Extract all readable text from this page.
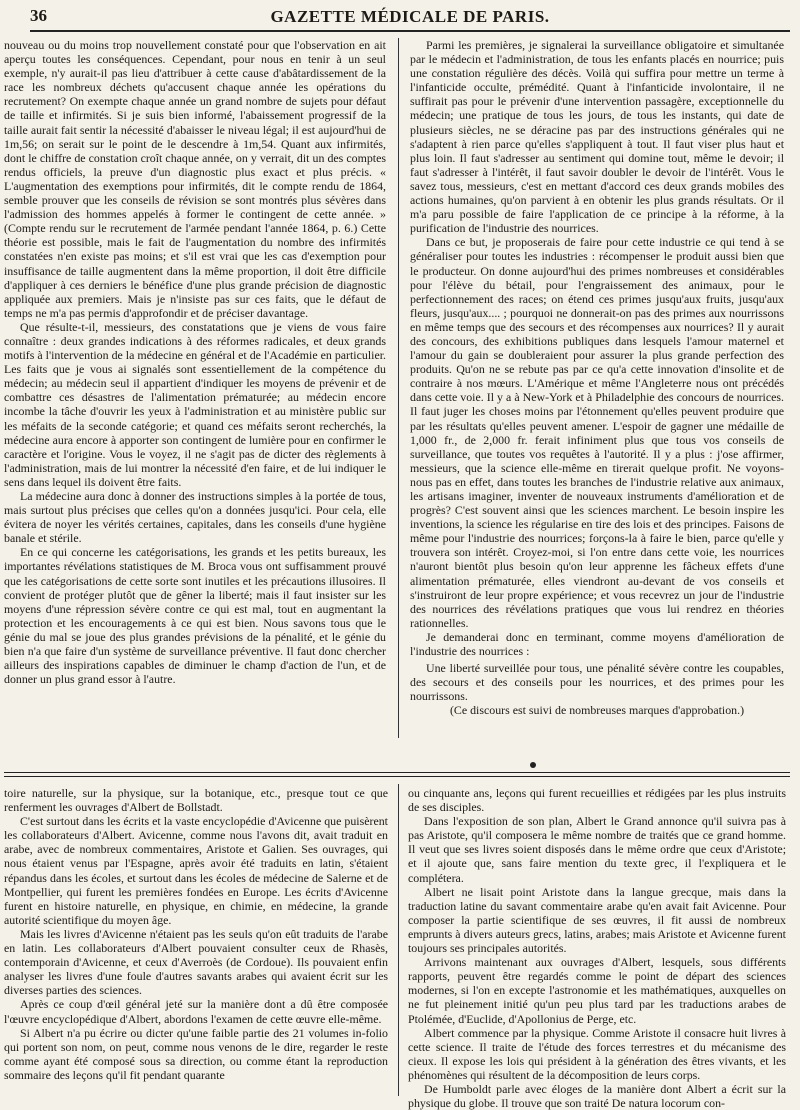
36	GAZETTE MÉDICALE DE PARIS.

nouveau ou du moins trop nouvellement constaté pour que l'observation en ait aperçu toutes les conséquences. Cependant, pour nous en tenir à un seul exemple, n'y aurait-il pas lieu d'attribuer à cette cause d'abâtardissement de la race les nombreux déchets qu'accusent chaque année les opérations du recrutement? On exempte chaque année un grand nombre de sujets pour défaut de taille et infirmités. Si je suis bien informé, l'abaissement progressif de la taille aurait fait sentir la nécessité d'abaisser le niveau légal; il est aujourd'hui de 1m,56; on serait sur le point de le descendre à 1m,54. Quant aux infirmités, dont le chiffre de constation croît chaque année, on y verrait, dit un des comptes rendus officiels, la preuve d'un diagnostic plus exact et plus précis. « L'augmentation des exemptions pour infirmités, dit le compte rendu de 1864, semble prouver que les conseils de révision se sont montrés plus sévères dans l'admission des hommes appelés à former le contingent de cette année. » (Compte rendu sur le recrutement de l'armée pendant l'année 1864, p. 6.) Cette théorie est possible, mais le fait de l'augmentation du nombre des infirmités constatées n'en existe pas moins; et s'il est vrai que les cas d'exemption pour insuffisance de taille augmentent dans la même proportion, il doit être difficile d'appliquer à ces derniers le bénéfice d'une plus grande précision de diagnostic appliquée aux premiers. Mais je n'insiste pas sur ces faits, que le défaut de temps ne m'a pas permis d'approfondir et de préciser davantage.

Que résulte-t-il, messieurs, des constatations que je viens de vous faire connaître : deux grandes indications à des réformes radicales, et deux grands motifs à l'intervention de la médecine en général et de l'Académie en particulier. Les faits que je vous ai signalés sont essentiellement de la compétence du médecin; au médecin seul il appartient d'indiquer les moyens de prévenir et de combattre ces désastres de l'alimentation prématurée; au médecin encore incombe la tâche d'ouvrir les yeux à l'administration et au ministère public sur les méfaits de la seconde catégorie; et quand ces méfaits seront recherchés, la médecine aura encore à apporter son contingent de lumière pour en confirmer le caractère et l'origine. Vous le voyez, il ne s'agit pas de dicter des règlements à l'administration, mais de lui montrer la nécessité d'en faire, et de lui indiquer le sens dans lequel ils doivent être faits.

La médecine aura donc à donner des instructions simples à la portée de tous, mais surtout plus précises que celles qu'on a données jusqu'ici. Pour cela, elle évitera de noyer les vérités certaines, capitales, dans les conseils d'une hygiène banale et stérile.

En ce qui concerne les catégorisations, les grands et les petits bureaux, les importantes révélations statistiques de M. Broca vous ont suffisamment prouvé que les catégorisations de cette sorte sont inutiles et les précautions illusoires. Il convient de protéger plutôt que de gêner la liberté; mais il faut insister sur les moyens d'une répression sévère contre ce qui est mal, tout en augmentant la protection et les encouragements à ce qui est bien. Nous savons tous que le génie du mal se joue des plus grandes prévisions de la pénalité, et le génie du bien n'a que faire d'un système de surveillance préventive. Il faut donc chercher ailleurs des inspirations capables de diminuer le champ d'action de l'un, et de donner un plus grand essor à l'autre.

Parmi les premières, je signalerai la surveillance obligatoire et simultanée par le médecin et l'administration, de tous les enfants placés en nourrice; puis une constation régulière des décès. Voilà qui suffira pour mettre un terme à l'infanticide occulte, prémédité. Quant à l'infanticide involontaire, il ne suffirait pas pour le prévenir d'une intervention passagère, exceptionnelle du médecin; une pratique de tous les jours, de tous les instants, qui date de plusieurs siècles, ne se déracine pas par des instructions générales qui ne s'adaptent à rien parce qu'elles s'appliquent à tout. Il faut viser plus haut et plus loin. Il faut s'adresser au sentiment qui domine tout, même le devoir; il faut s'adresser à l'intérêt, il faut savoir doubler le devoir de l'intérêt. Vous le savez tous, messieurs, c'est en mettant d'accord ces deux grands mobiles des actions humaines, qu'on parvient à en obtenir les plus grands résultats. Or il m'a paru possible de faire l'application de ce principe à la réforme, à la purification de l'industrie des nourrices.

Dans ce but, je proposerais de faire pour cette industrie ce qui tend à se généraliser pour toutes les industries : récompenser le produit aussi bien que le producteur. On donne aujourd'hui des primes nombreuses et considérables pour l'élève du bétail, pour l'engraissement des animaux, pour le perfectionnement des races; on étend ces primes jusqu'aux fruits, jusqu'aux fleurs, jusqu'aux.... ; pourquoi ne donnerait-on pas des primes aux nourrissons en même temps que des secours et des récompenses aux nourrices? Il y aurait des concours, des exhibitions publiques dans lesquels l'amour maternel et l'amour du gain se doubleraient pour assurer la plus grande perfection des produits. Qu'on ne se rebute pas par ce qu'a cette innovation d'insolite et de contraire à nos mœurs. L'Amérique et même l'Angleterre nous ont précédés dans cette voie. Il y a à New-York et à Philadelphie des concours de nourrices. Il faut juger les choses moins par l'étonnement qu'elles peuvent produire que par les résultats qu'elles peuvent amener. L'espoir de gagner une médaille de 1,000 fr., de 2,000 fr. ferait infiniment plus que tous vos conseils de surveillance, que toutes vos requêtes à l'autorité. Il y a plus : j'ose affirmer, messieurs, que la science elle-même en tirerait quelque profit. Ne voyons-nous pas en effet, dans toutes les branches de l'industrie relative aux animaux, les artisans imaginer, inventer de nouveaux instruments d'amélioration et de progrès? C'est souvent ainsi que les sciences marchent. Le besoin inspire les inventions, la science les régularise en tire des lois et des principes. Faisons de même pour l'industrie des nourrices; forçons-la à faire le bien, parce qu'elle y trouvera son intérêt. Croyez-moi, si l'on entre dans cette voie, les nourrices n'auront bientôt plus besoin qu'on leur apprenne les fâcheux effets d'une alimentation prématurée, elles viendront au-devant de vos conseils et s'instruiront de leur propre expérience; et vous recevrez un jour de l'industrie des nourrices des révélations pratiques que vous lui rendrez en théories rationnelles.

Je demanderai donc en terminant, comme moyens d'amélioration de l'industrie des nourrices :

Une liberté surveillée pour tous, une pénalité sévère contre les coupables, des secours et des conseils pour les nourrices, et des primes pour les nourrissons.

(Ce discours est suivi de nombreuses marques d'approbation.)

toire naturelle, sur la physique, sur la botanique, etc., presque tout ce que renferment les ouvrages d'Albert de Bollstadt.

C'est surtout dans les écrits et la vaste encyclopédie d'Avicenne que puisèrent les collaborateurs d'Albert. Avicenne, comme nous l'avons dit, avait traduit en arabe, avec de nombreux commentaires, Aristote et Galien. Ses ouvrages, qui nous étaient venus par l'Espagne, après avoir été traduits en latin, s'étaient répandus dans les écoles, et surtout dans les écoles de médecine de Salerne et de Montpellier, qui furent les premières fondées en Europe. Les écrits d'Avicenne furent en histoire naturelle, en physique, en chimie, en médecine, la grande autorité scientifique du moyen âge.

Mais les livres d'Avicenne n'étaient pas les seuls qu'on eût traduits de l'arabe en latin. Les collaborateurs d'Albert pouvaient consulter ceux de Rhasès, contemporain d'Avicenne, et ceux d'Averroès (de Cordoue). Ils pouvaient enfin analyser les livres d'une foule d'autres savants arabes qui avaient écrit sur les diverses parties des sciences.

Après ce coup d'œil général jeté sur la manière dont a dû être composée l'œuvre encyclopédique d'Albert, abordons l'examen de cette œuvre elle-même.

Si Albert n'a pu écrire ou dicter qu'une faible partie des 21 volumes in-folio qui portent son nom, on peut, comme nous venons de le dire, regarder le reste comme ayant été composé sous sa direction, ou comme étant la reproduction sommaire des leçons qu'il fit pendant quarante

ou cinquante ans, leçons qui furent recueillies et rédigées par les plus instruits de ses disciples.

Dans l'exposition de son plan, Albert le Grand annonce qu'il suivra pas à pas Aristote, qu'il composera le même nombre de traités que ce grand homme. Il veut que ses livres soient disposés dans le même ordre que ceux d'Aristote; et il ajoute que, sans faire mention du texte grec, il l'expliquera et le complétera.

Albert ne lisait point Aristote dans la langue grecque, mais dans la traduction latine du savant commentaire arabe qu'en avait fait Avicenne. Pour composer la partie scientifique de ses œuvres, il fit aussi de nombreux emprunts à divers auteurs grecs, latins, arabes; mais Aristote et Avicenne furent toujours ses principales autorités.

Arrivons maintenant aux ouvrages d'Albert, lesquels, sous différents rapports, peuvent être regardés comme le point de départ des sciences modernes, si l'on en excepte l'astronomie et les mathématiques, auxquelles on ne fut pleinement initié qu'un peu plus tard par les traductions arabes de Ptolémée, d'Euclide, d'Apollonius de Perge, etc.

Albert commence par la physique. Comme Aristote il consacre huit livres à cette science. Il traite de l'étude des forces terrestres et du mécanisme des cieux. Il expose les lois qui président à la génération des êtres vivants, et les phénomènes qui résultent de la décomposition de leurs corps.

De Humboldt parle avec éloges de la manière dont Albert a écrit sur la physique du globe. Il trouve que son traité De natura locorum con-
